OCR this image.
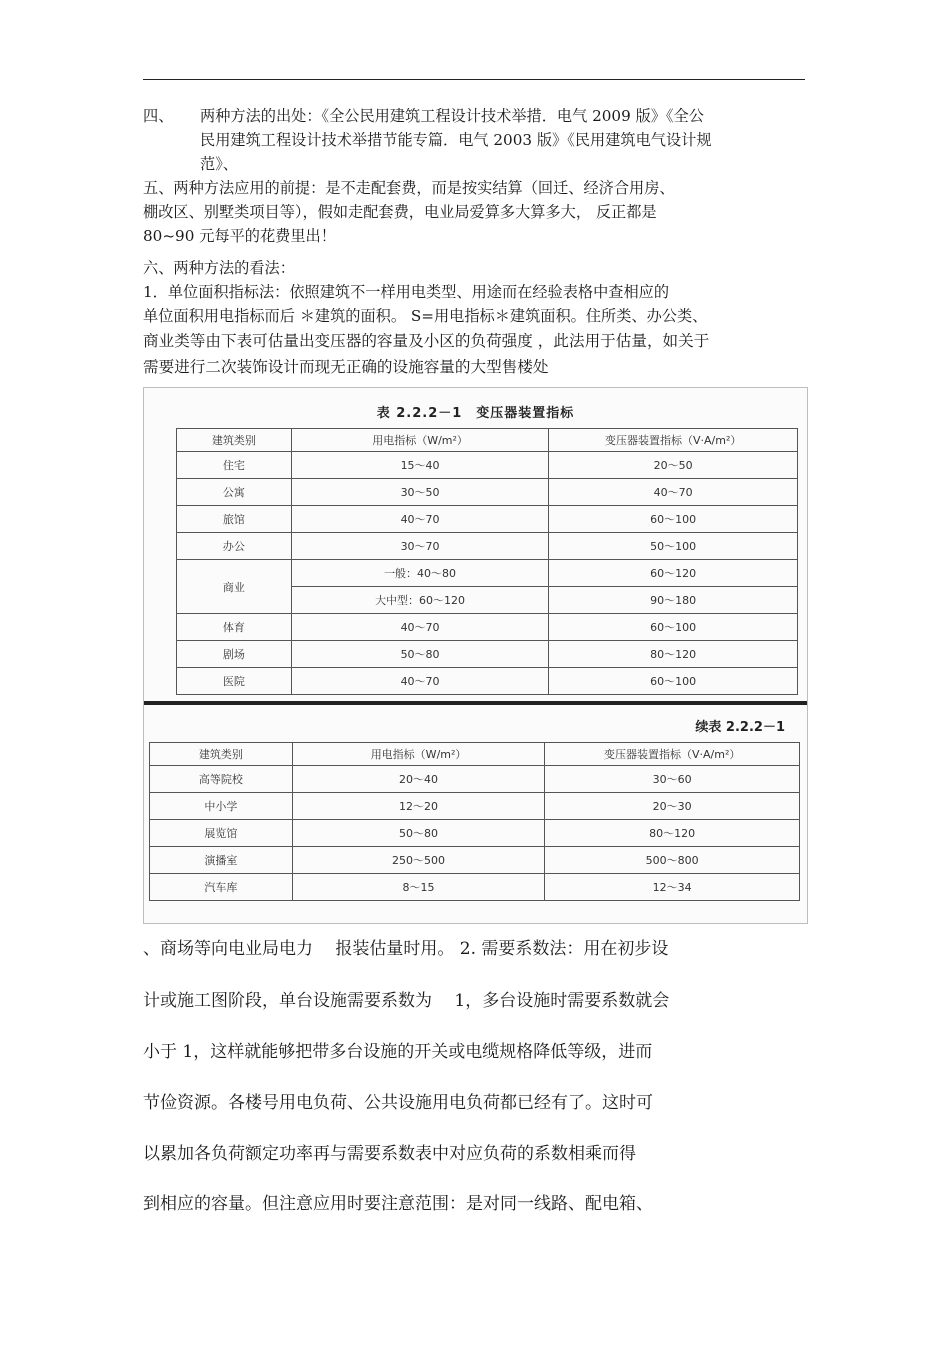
四、 两种方法的出处：《全公民用建筑工程设计技术举措．电气 2009 版》《全公
民用建筑工程设计技术举措节能专篇．电气 2003 版》《民用建筑电气设计规
范》、
五、两种方法应用的前提：是不走配套费，而是按实结算（回迁、经济合用房、
棚改区、别墅类项目等），假如走配套费，电业局爱算多大算多大， 反正都是
80~90 元每平的花费里出！
六、两种方法的看法：
1．单位面积指标法：依照建筑不一样用电类型、用途而在经验表格中查相应的
单位面积用电指标而后 ＊建筑的面积。 S=用电指标＊建筑面积。住所类、办公类、
商业类等由下表可估量出变压器的容量及小区的负荷强度 ，此法用于估量，如关于
需要进行二次装饰设计而现无正确的设施容量的大型售楼处
表 2.2.2－1　变压器装置指标
建筑类别	用电指标（W/m²）	变压器装置指标（V·A/m²）
住宅	15～40	20～50
公寓	30～50	40～70
旅馆	40～70	60～100
办公	30～70	50～100
商业	一般：40～80	60～120
	大中型：60～120	90～180
体育	40～70	60～100
剧场	50～80	80～120
医院	40～70	60～100
续表 2.2.2－1
建筑类别	用电指标（W/m²）	变压器装置指标（V·A/m²）
高等院校	20～40	30～60
中小学	12～20	20～30
展览馆	50～80	80～120
演播室	250～500	500～800
汽车库	8～15	12～34
、商场等向电业局电力　 报装估量时用。 2. 需要系数法：用在初步设
计或施工图阶段，单台设施需要系数为　 1，多台设施时需要系数就会
小于 1，这样就能够把带多台设施的开关或电缆规格降低等级，进而
节俭资源。各楼号用电负荷、公共设施用电负荷都已经有了。这时可
以累加各负荷额定功率再与需要系数表中对应负荷的系数相乘而得
到相应的容量。但注意应用时要注意范围：是对同一线路、配电箱、
